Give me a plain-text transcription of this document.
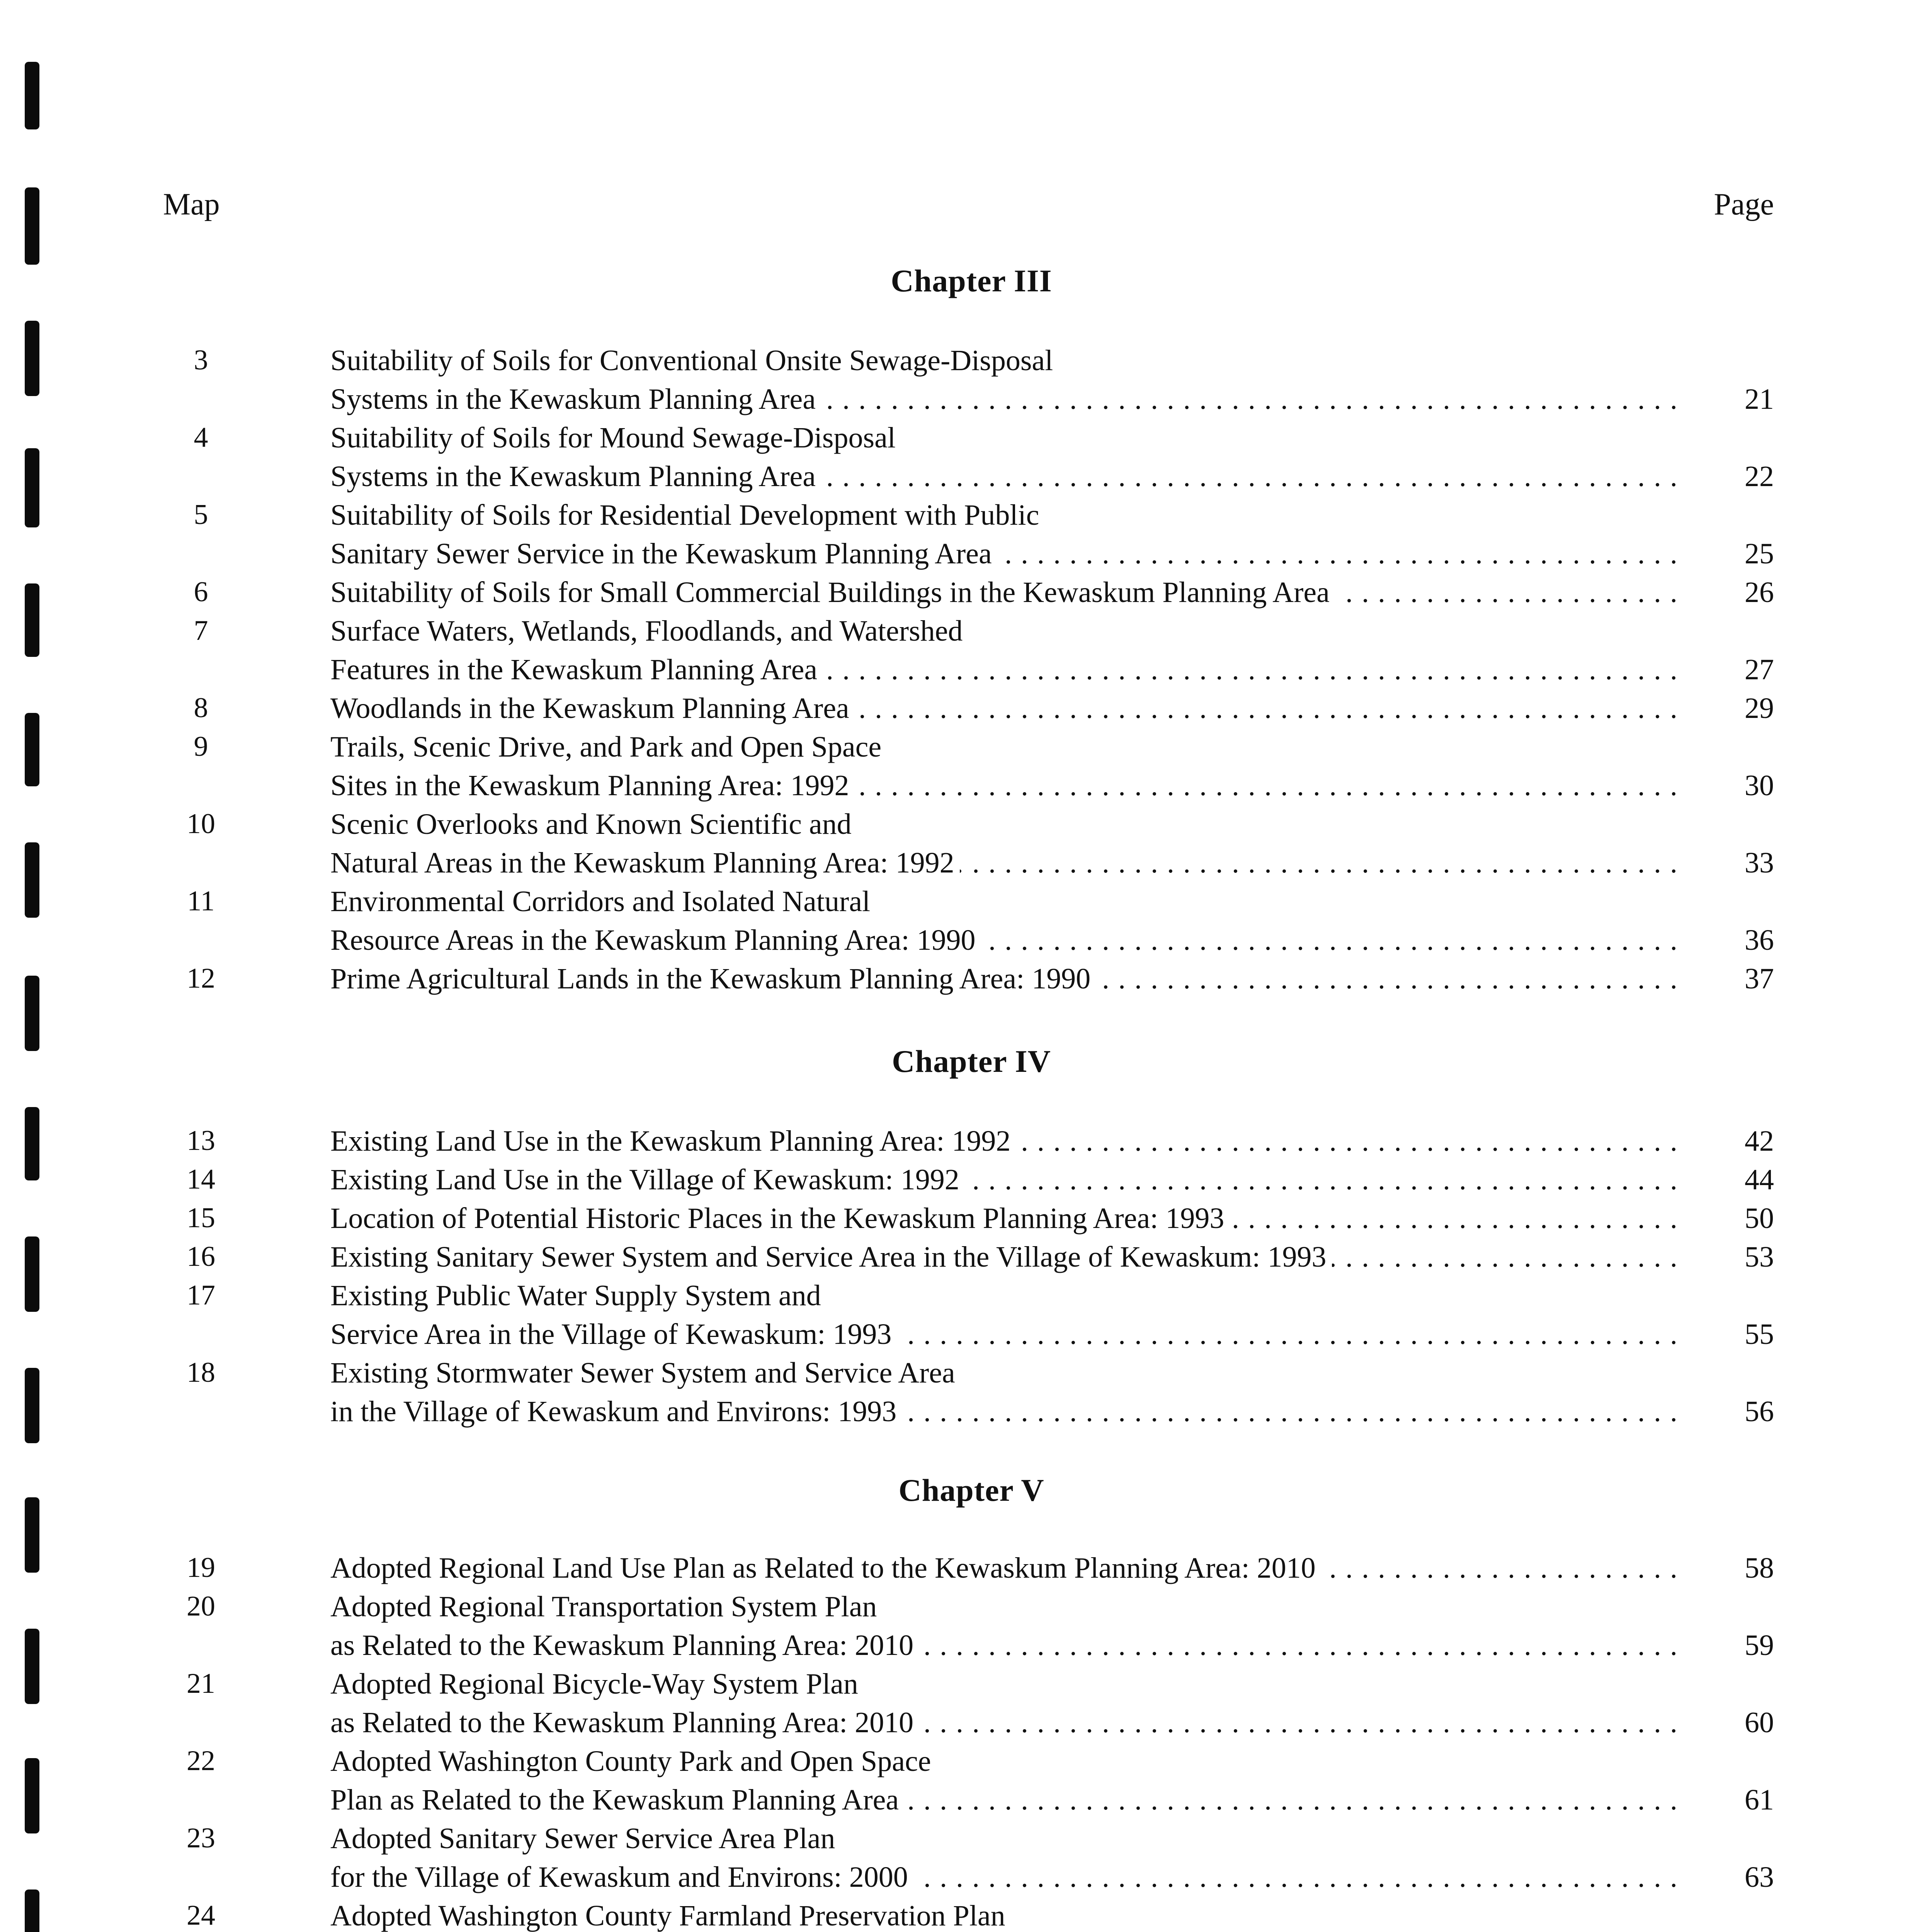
Map	Page
Chapter III
Chapter IV
Chapter V
3	Suitability of Soils for Conventional Onsite Sewage-Disposal
Systems in the Kewaskum Planning Area . . .	21
4	Suitability of Soils for Mound Sewage-Disposal
Systems in the Kewaskum Planning Area . . .	22
5	Suitability of Soils for Residential Development with Public
Sanitary Sewer Service in the Kewaskum Planning Area . . .	25
6	Suitability of Soils for Small Commercial Buildings in the Kewaskum Planning Area . . .	26
7	Surface Waters, Wetlands, Floodlands, and Watershed
Features in the Kewaskum Planning Area . . .	27
8	Woodlands in the Kewaskum Planning Area . . .	29
9	Trails, Scenic Drive, and Park and Open Space
Sites in the Kewaskum Planning Area: 1992 . . .	30
10	Scenic Overlooks and Known Scientific and
Natural Areas in the Kewaskum Planning Area: 1992 . . .	33
11	Environmental Corridors and Isolated Natural
Resource Areas in the Kewaskum Planning Area: 1990 . . .	36
12	Prime Agricultural Lands in the Kewaskum Planning Area: 1990 . . .	37
13	Existing Land Use in the Kewaskum Planning Area: 1992 . . .	42
14	Existing Land Use in the Village of Kewaskum: 1992 . . .	44
15	Location of Potential Historic Places in the Kewaskum Planning Area: 1993 . . .	50
16	Existing Sanitary Sewer System and Service Area in the Village of Kewaskum: 1993 . . .	53
17	Existing Public Water Supply System and
Service Area in the Village of Kewaskum: 1993 . . .	55
18	Existing Stormwater Sewer System and Service Area
in the Village of Kewaskum and Environs: 1993 . . .	56
19	Adopted Regional Land Use Plan as Related to the Kewaskum Planning Area: 2010 . . .	58
20	Adopted Regional Transportation System Plan
as Related to the Kewaskum Planning Area: 2010 . . .	59
21	Adopted Regional Bicycle-Way System Plan
as Related to the Kewaskum Planning Area: 2010 . . .	60
22	Adopted Washington County Park and Open Space
Plan as Related to the Kewaskum Planning Area . . .	61
23	Adopted Sanitary Sewer Service Area Plan
for the Village of Kewaskum and Environs: 2000 . . .	63
24	Adopted Washington County Farmland Preservation Plan
